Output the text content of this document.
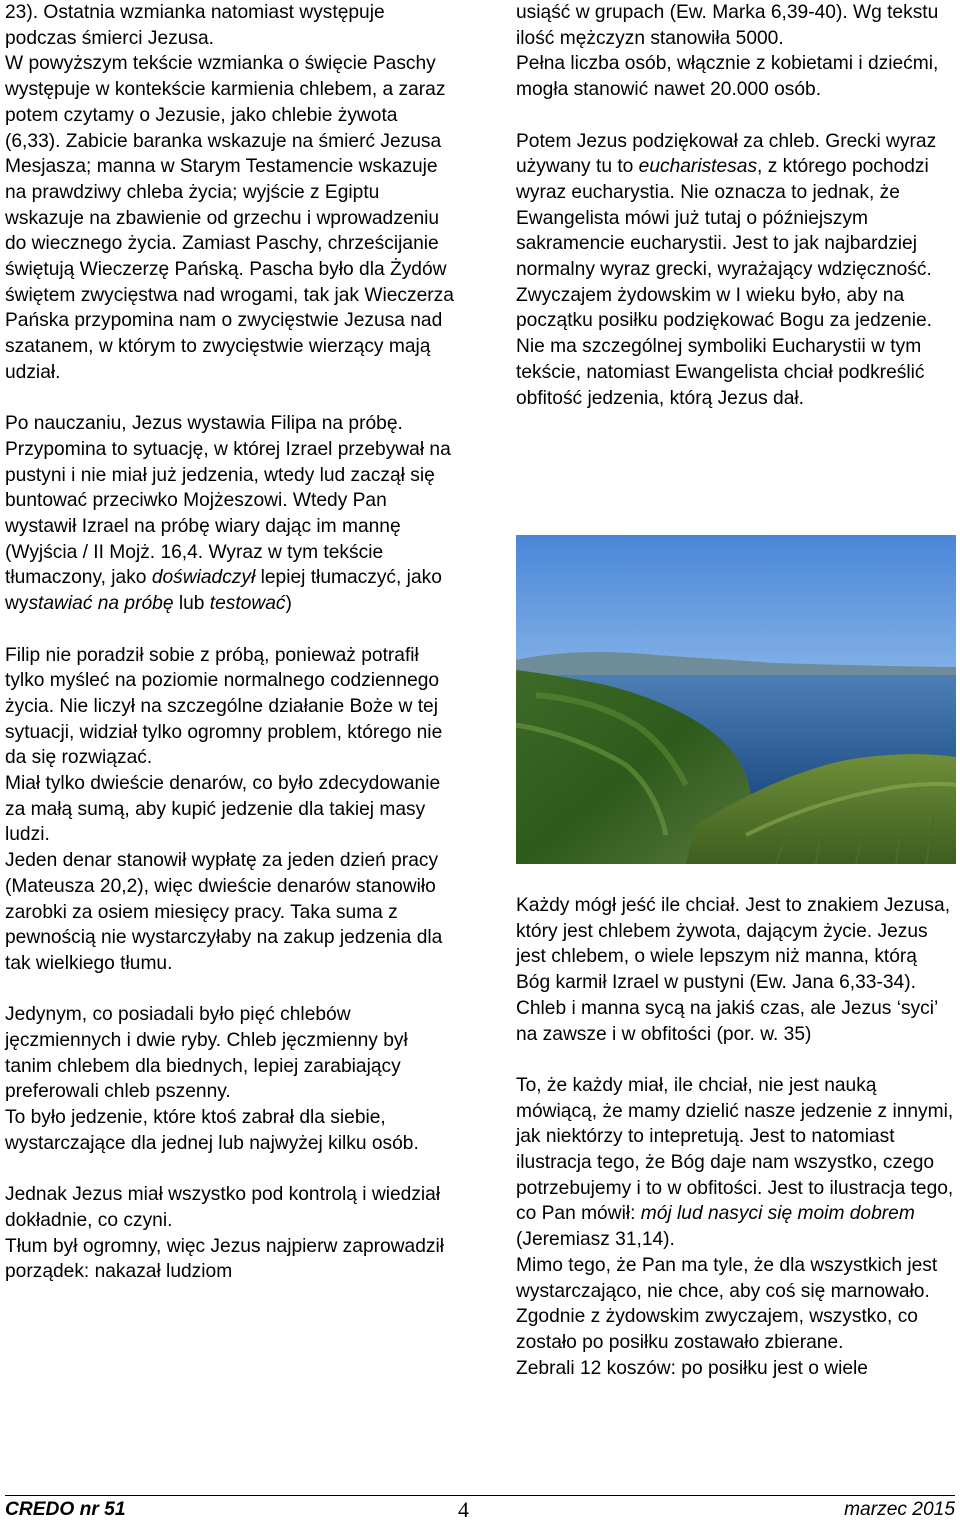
23). Ostatnia wzmianka natomiast występuje podczas śmierci Jezusa.

W powyższym tekście wzmianka o święcie Paschy występuje w kontekście karmienia chlebem, a zaraz potem czytamy o Jezusie, jako chlebie żywota (6,33). Zabicie baranka wskazuje na śmierć Jezusa Mesjasza; manna w Starym Testamencie wskazuje na prawdziwy chleba życia; wyjście z Egiptu wskazuje na zbawienie od grzechu i wprowadzeniu do wiecznego życia. Zamiast Paschy, chrześcijanie świętują Wieczerzę Pańską. Pascha było dla Żydów świętem zwycięstwa nad wrogami, tak jak Wieczerza Pańska przypomina nam o zwycięstwie Jezusa nad szatanem, w którym to zwycięstwie wierzący mają udział.

Po nauczaniu, Jezus wystawia Filipa na próbę. Przypomina to sytuację, w której Izrael przebywał na pustyni i nie miał już jedzenia, wtedy lud zaczął się buntować przeciwko Mojżeszowi. Wtedy Pan wystawił Izrael na próbę wiary dając im mannę (Wyjścia / II Mojż. 16,4. Wyraz w tym tekście tłumaczony, jako doświadczył lepiej tłumaczyć, jako wystawiać na próbę lub testować)

Filip nie poradził sobie z próbą, ponieważ potrafił tylko myśleć na poziomie normalnego codziennego życia. Nie liczył na szczególne działanie Boże w tej sytuacji, widział tylko ogromny problem, którego nie da się rozwiązać.

Miał tylko dwieście denarów, co było zdecydowanie za małą sumą, aby kupić jedzenie dla takiej masy ludzi.

Jeden denar stanowił wypłatę za jeden dzień pracy (Mateusza 20,2), więc dwieście denarów stanowiło zarobki za osiem miesięcy pracy. Taka suma z pewnością nie wystarczyłaby na zakup jedzenia dla tak wielkiego tłumu.

Jedynym, co posiadali było pięć chlebów jęczmiennych i dwie ryby. Chleb jęczmienny był tanim chlebem dla biednych, lepiej zarabiający preferowali chleb pszenny.

To było jedzenie, które ktoś zabrał dla siebie, wystarczające dla jednej lub najwyżej kilku osób.

Jednak Jezus miał wszystko pod kontrolą i wiedział dokładnie, co czyni.

Tłum był ogromny, więc Jezus najpierw zaprowadził porządek: nakazał ludziom

usiąść w grupach (Ew. Marka 6,39-40). Wg tekstu ilość mężczyzn stanowiła 5000.

Pełna liczba osób, włącznie z kobietami i dziećmi, mogła stanowić nawet 20.000 osób.

Potem Jezus podziękował za chleb. Grecki wyraz używany tu to eucharistesas, z którego pochodzi wyraz eucharystia. Nie oznacza to jednak, że Ewangelista mówi już tutaj o późniejszym sakramencie eucharystii. Jest to jak najbardziej normalny wyraz grecki, wyrażający wdzięczność.

Zwyczajem żydowskim w I wieku było, aby na początku posiłku podziękować Bogu za jedzenie.

Nie ma szczególnej symboliki Eucharystii w tym tekście, natomiast Ewangelista chciał podkreślić obfitość jedzenia, którą Jezus dał.

Każdy mógł jeść ile chciał. Jest to znakiem Jezusa, który jest chlebem żywota, dającym życie. Jezus jest chlebem, o wiele lepszym niż manna, którą Bóg karmił Izrael w pustyni (Ew. Jana 6,33-34). Chleb i manna sycą na jakiś czas, ale Jezus ‘syci’ na zawsze i w obfitości (por. w. 35)

To, że każdy miał, ile chciał, nie jest nauką mówiącą, że mamy dzielić nasze jedzenie z innymi, jak niektórzy to intepretują. Jest to natomiast ilustracja tego, że Bóg daje nam wszystko, czego potrzebujemy i to w obfitości. Jest to ilustracja tego, co Pan mówił: mój lud nasyci się moim dobrem (Jeremiasz 31,14).

Mimo tego, że Pan ma tyle, że dla wszystkich jest wystarczająco, nie chce, aby coś się marnowało. Zgodnie z żydowskim zwyczajem, wszystko, co zostało po posiłku zostawało zbierane.

Zebrali 12 koszów: po posiłku jest o wiele

CREDO nr 51	4	marzec 2015
